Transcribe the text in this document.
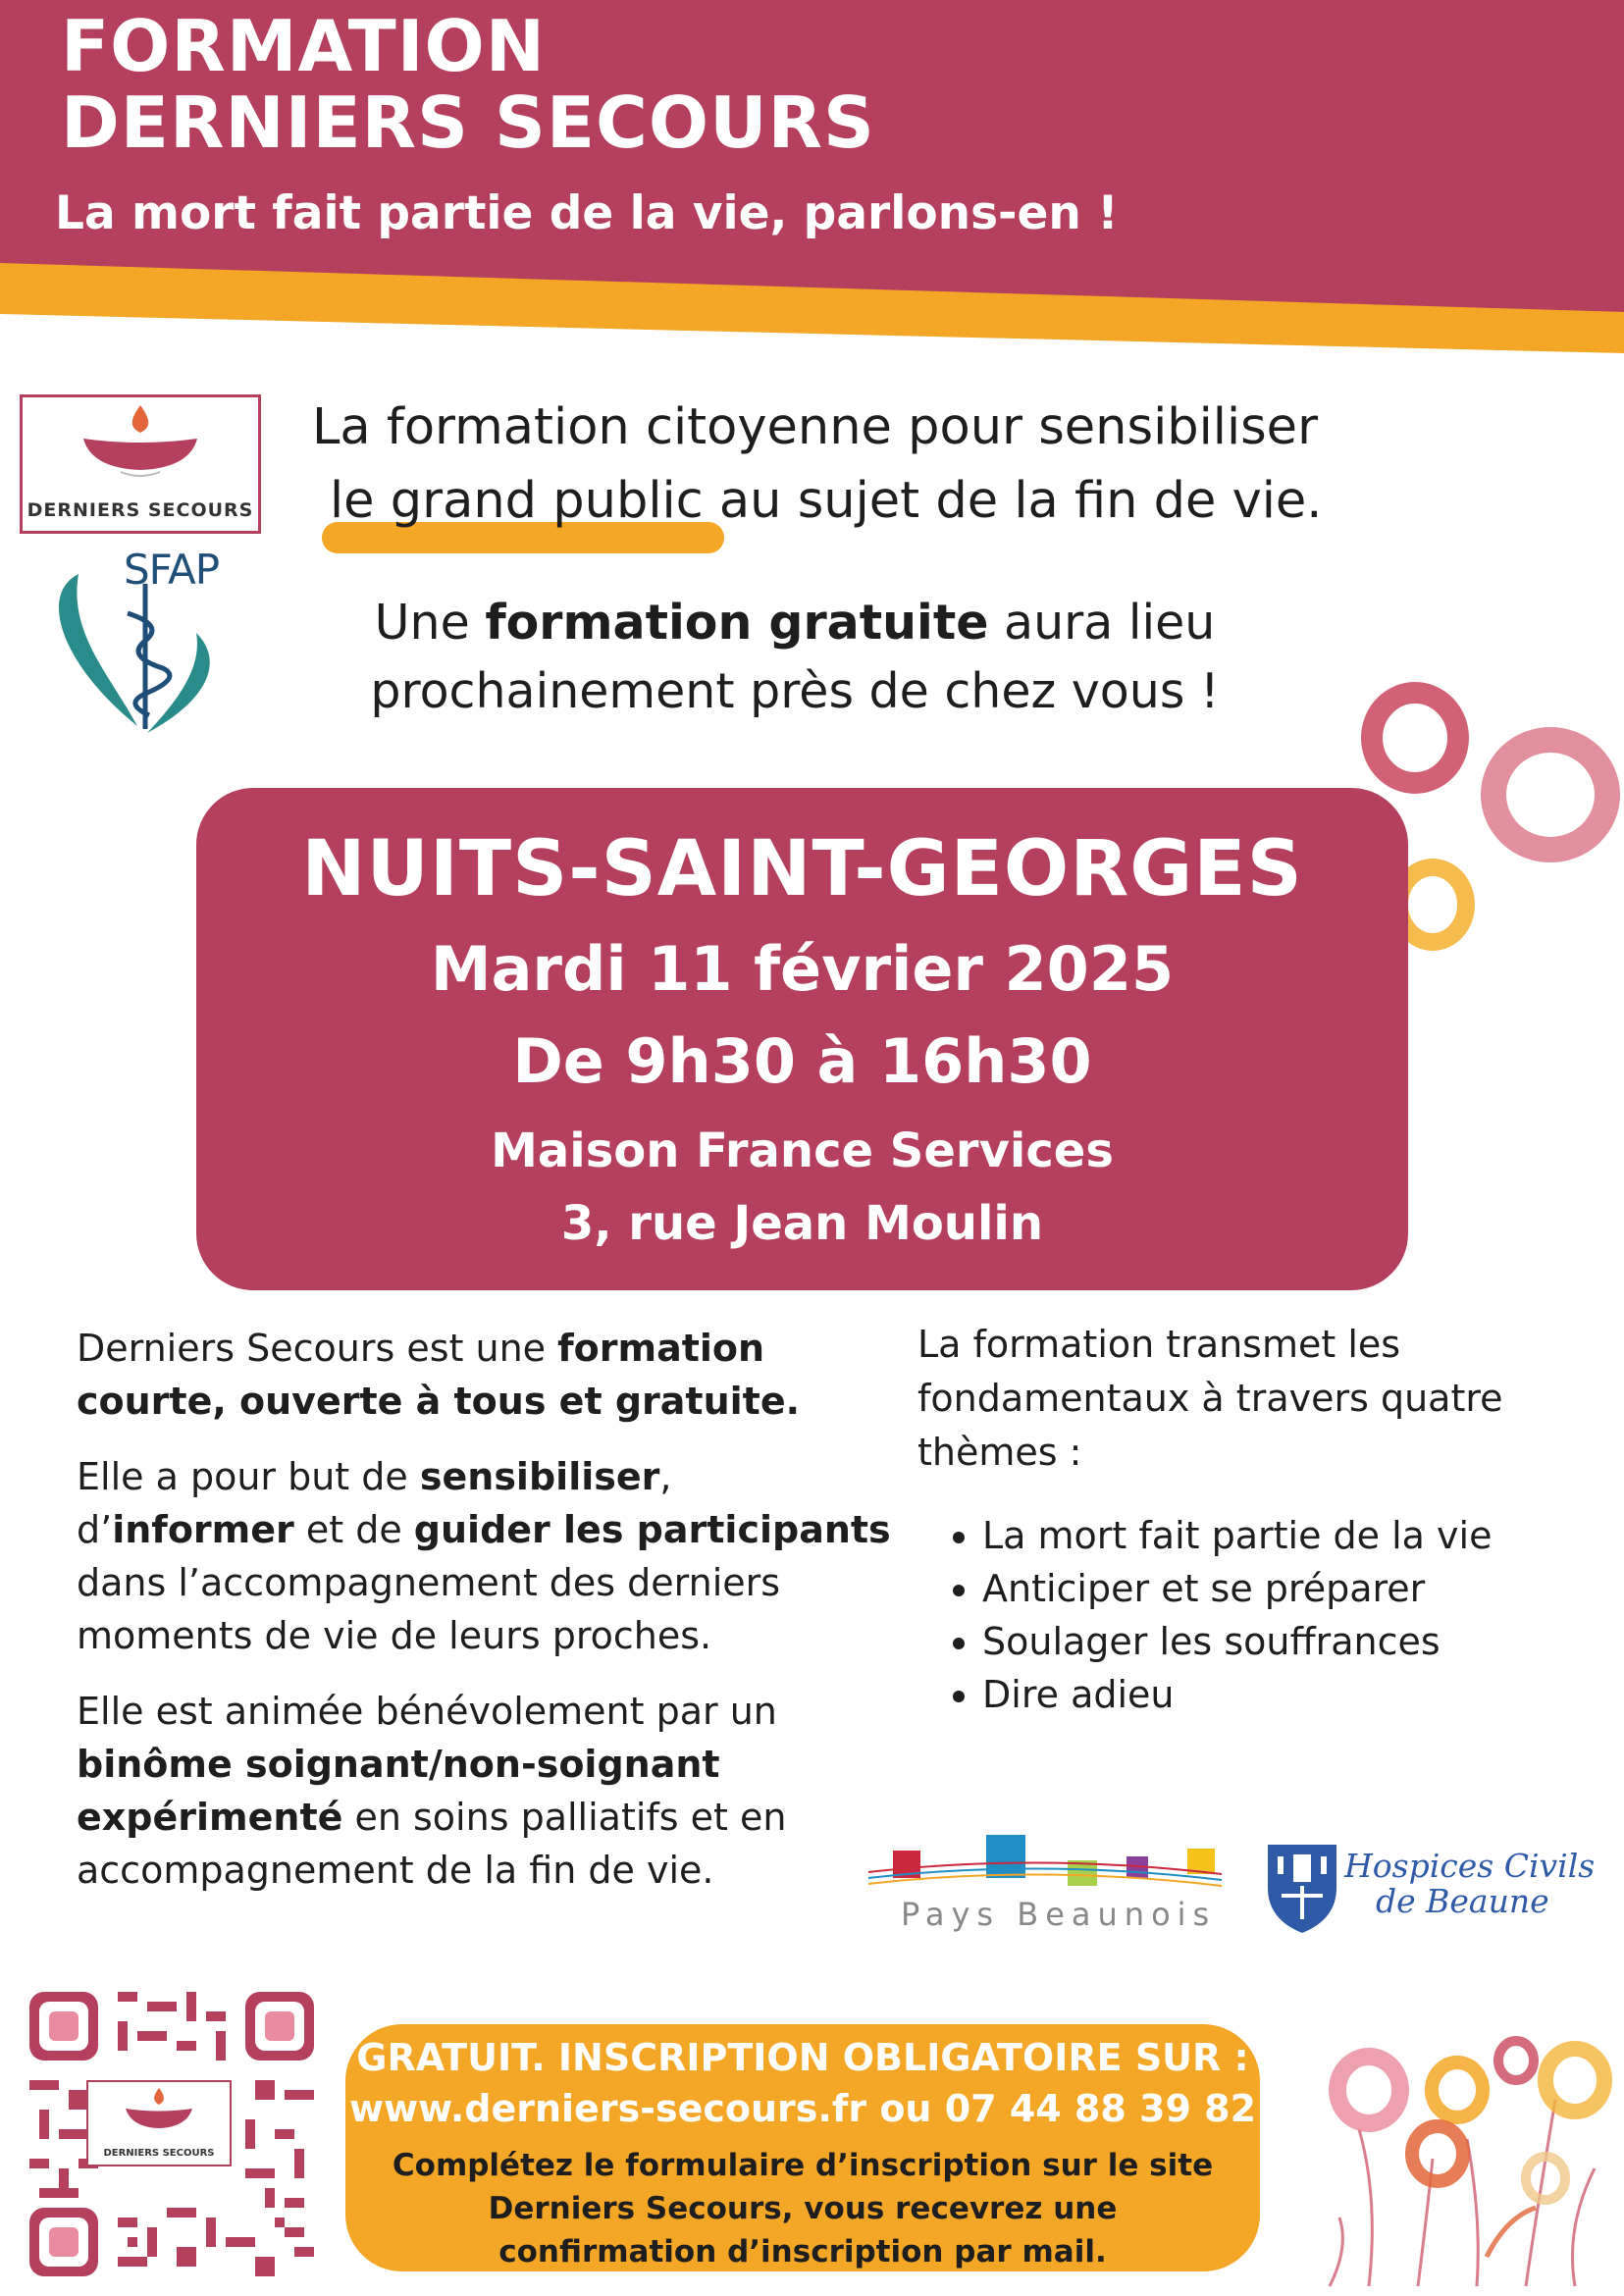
FORMATION
DERNIERS SECOURS
La mort fait partie de la vie, parlons-en !
DERNIERS SECOURS
SFAP
La formation citoyenne pour sensibiliser
le grand public au sujet de la fin de vie.
Une formation gratuite aura lieu
prochainement près de chez vous !
NUITS-SAINT-GEORGES
Mardi 11 février 2025
De 9h30 à 16h30
Maison France Services
3, rue Jean Moulin

Derniers Secours est une formation courte, ouverte à tous et gratuite.

Elle a pour but de sensibiliser, d’informer et de guider les participants dans l’accompagnement des derniers moments de vie de leurs proches.

Elle est animée bénévolement par un binôme soignant/non-soignant expérimenté en soins palliatifs et en accompagnement de la fin de vie.

La formation transmet les fondamentaux à travers quatre thèmes :

• La mort fait partie de la vie
• Anticiper et se préparer
• Soulager les souffrances
• Dire adieu
Pays Beaunois
Hospices Civils
de Beaune
DERNIERS SECOURS
GRATUIT. INSCRIPTION OBLIGATOIRE SUR :
www.derniers-secours.fr ou 07 44 88 39 82
Complétez le formulaire d’inscription sur le site Derniers Secours, vous recevrez une confirmation d’inscription par mail.
